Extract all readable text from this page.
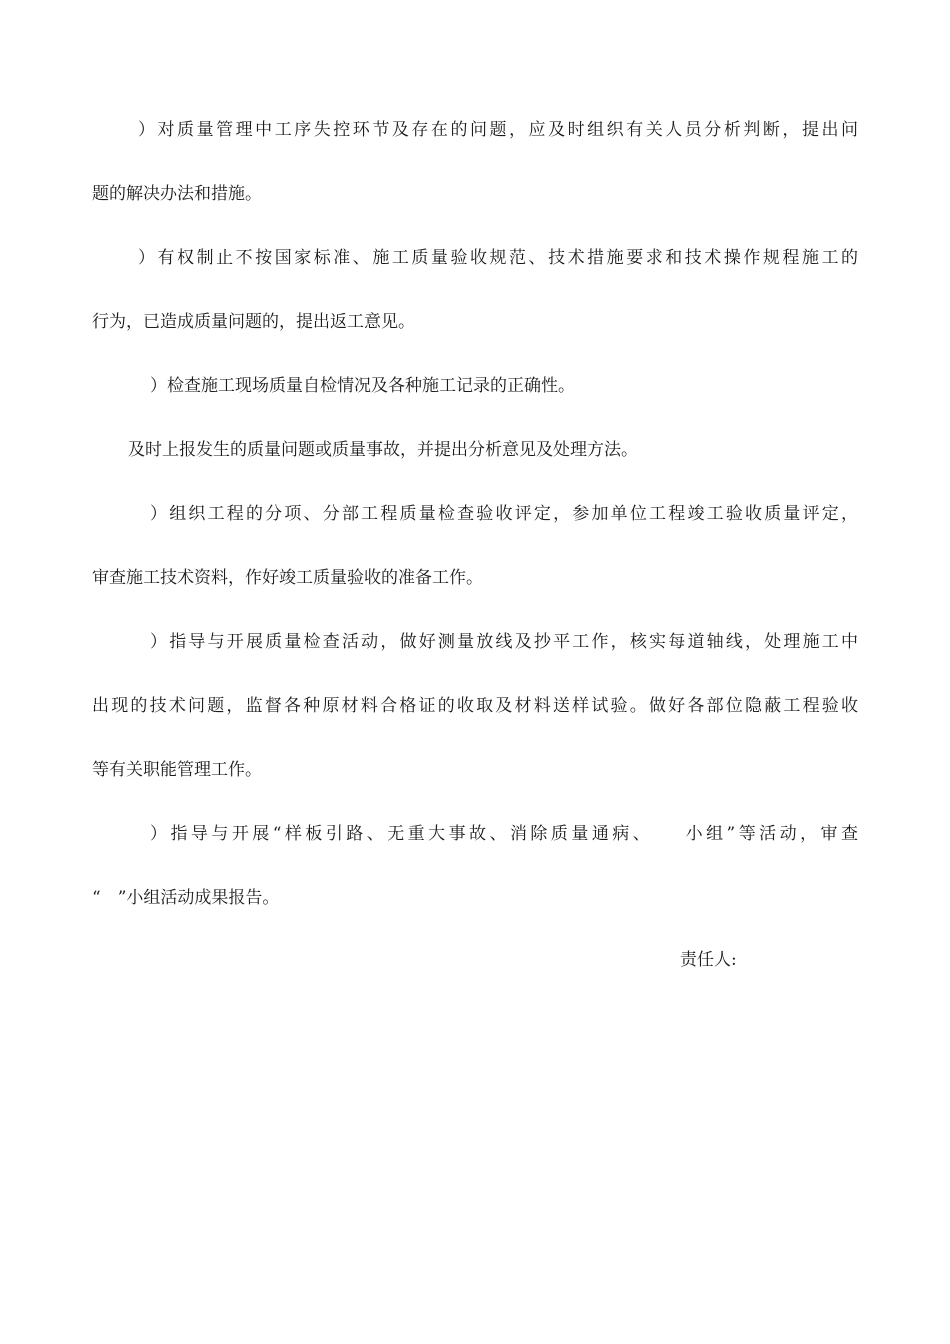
）对质量管理中工序失控环节及存在的问题，应及时组织有关人员分析判断，提出问
题的解决办法和措施。
）有权制止不按国家标准、施工质量验收规范、技术措施要求和技术操作规程施工的
行为，已造成质量问题的，提出返工意见。
）检查施工现场质量自检情况及各种施工记录的正确性。
及时上报发生的质量问题或质量事故，并提出分析意见及处理方法。
）组织工程的分项、分部工程质量检查验收评定，参加单位工程竣工验收质量评定，
审查施工技术资料，作好竣工质量验收的准备工作。
）指导与开展质量检查活动，做好测量放线及抄平工作，核实每道轴线，处理施工中
出现的技术问题，监督各种原材料合格证的收取及材料送样试验。做好各部位隐蔽工程验收
等有关职能管理工作。
）指导与开展“样板引路、无重大事故、消除质量通病、　　小组”等活动，审查
“　”小组活动成果报告。
责任人:
